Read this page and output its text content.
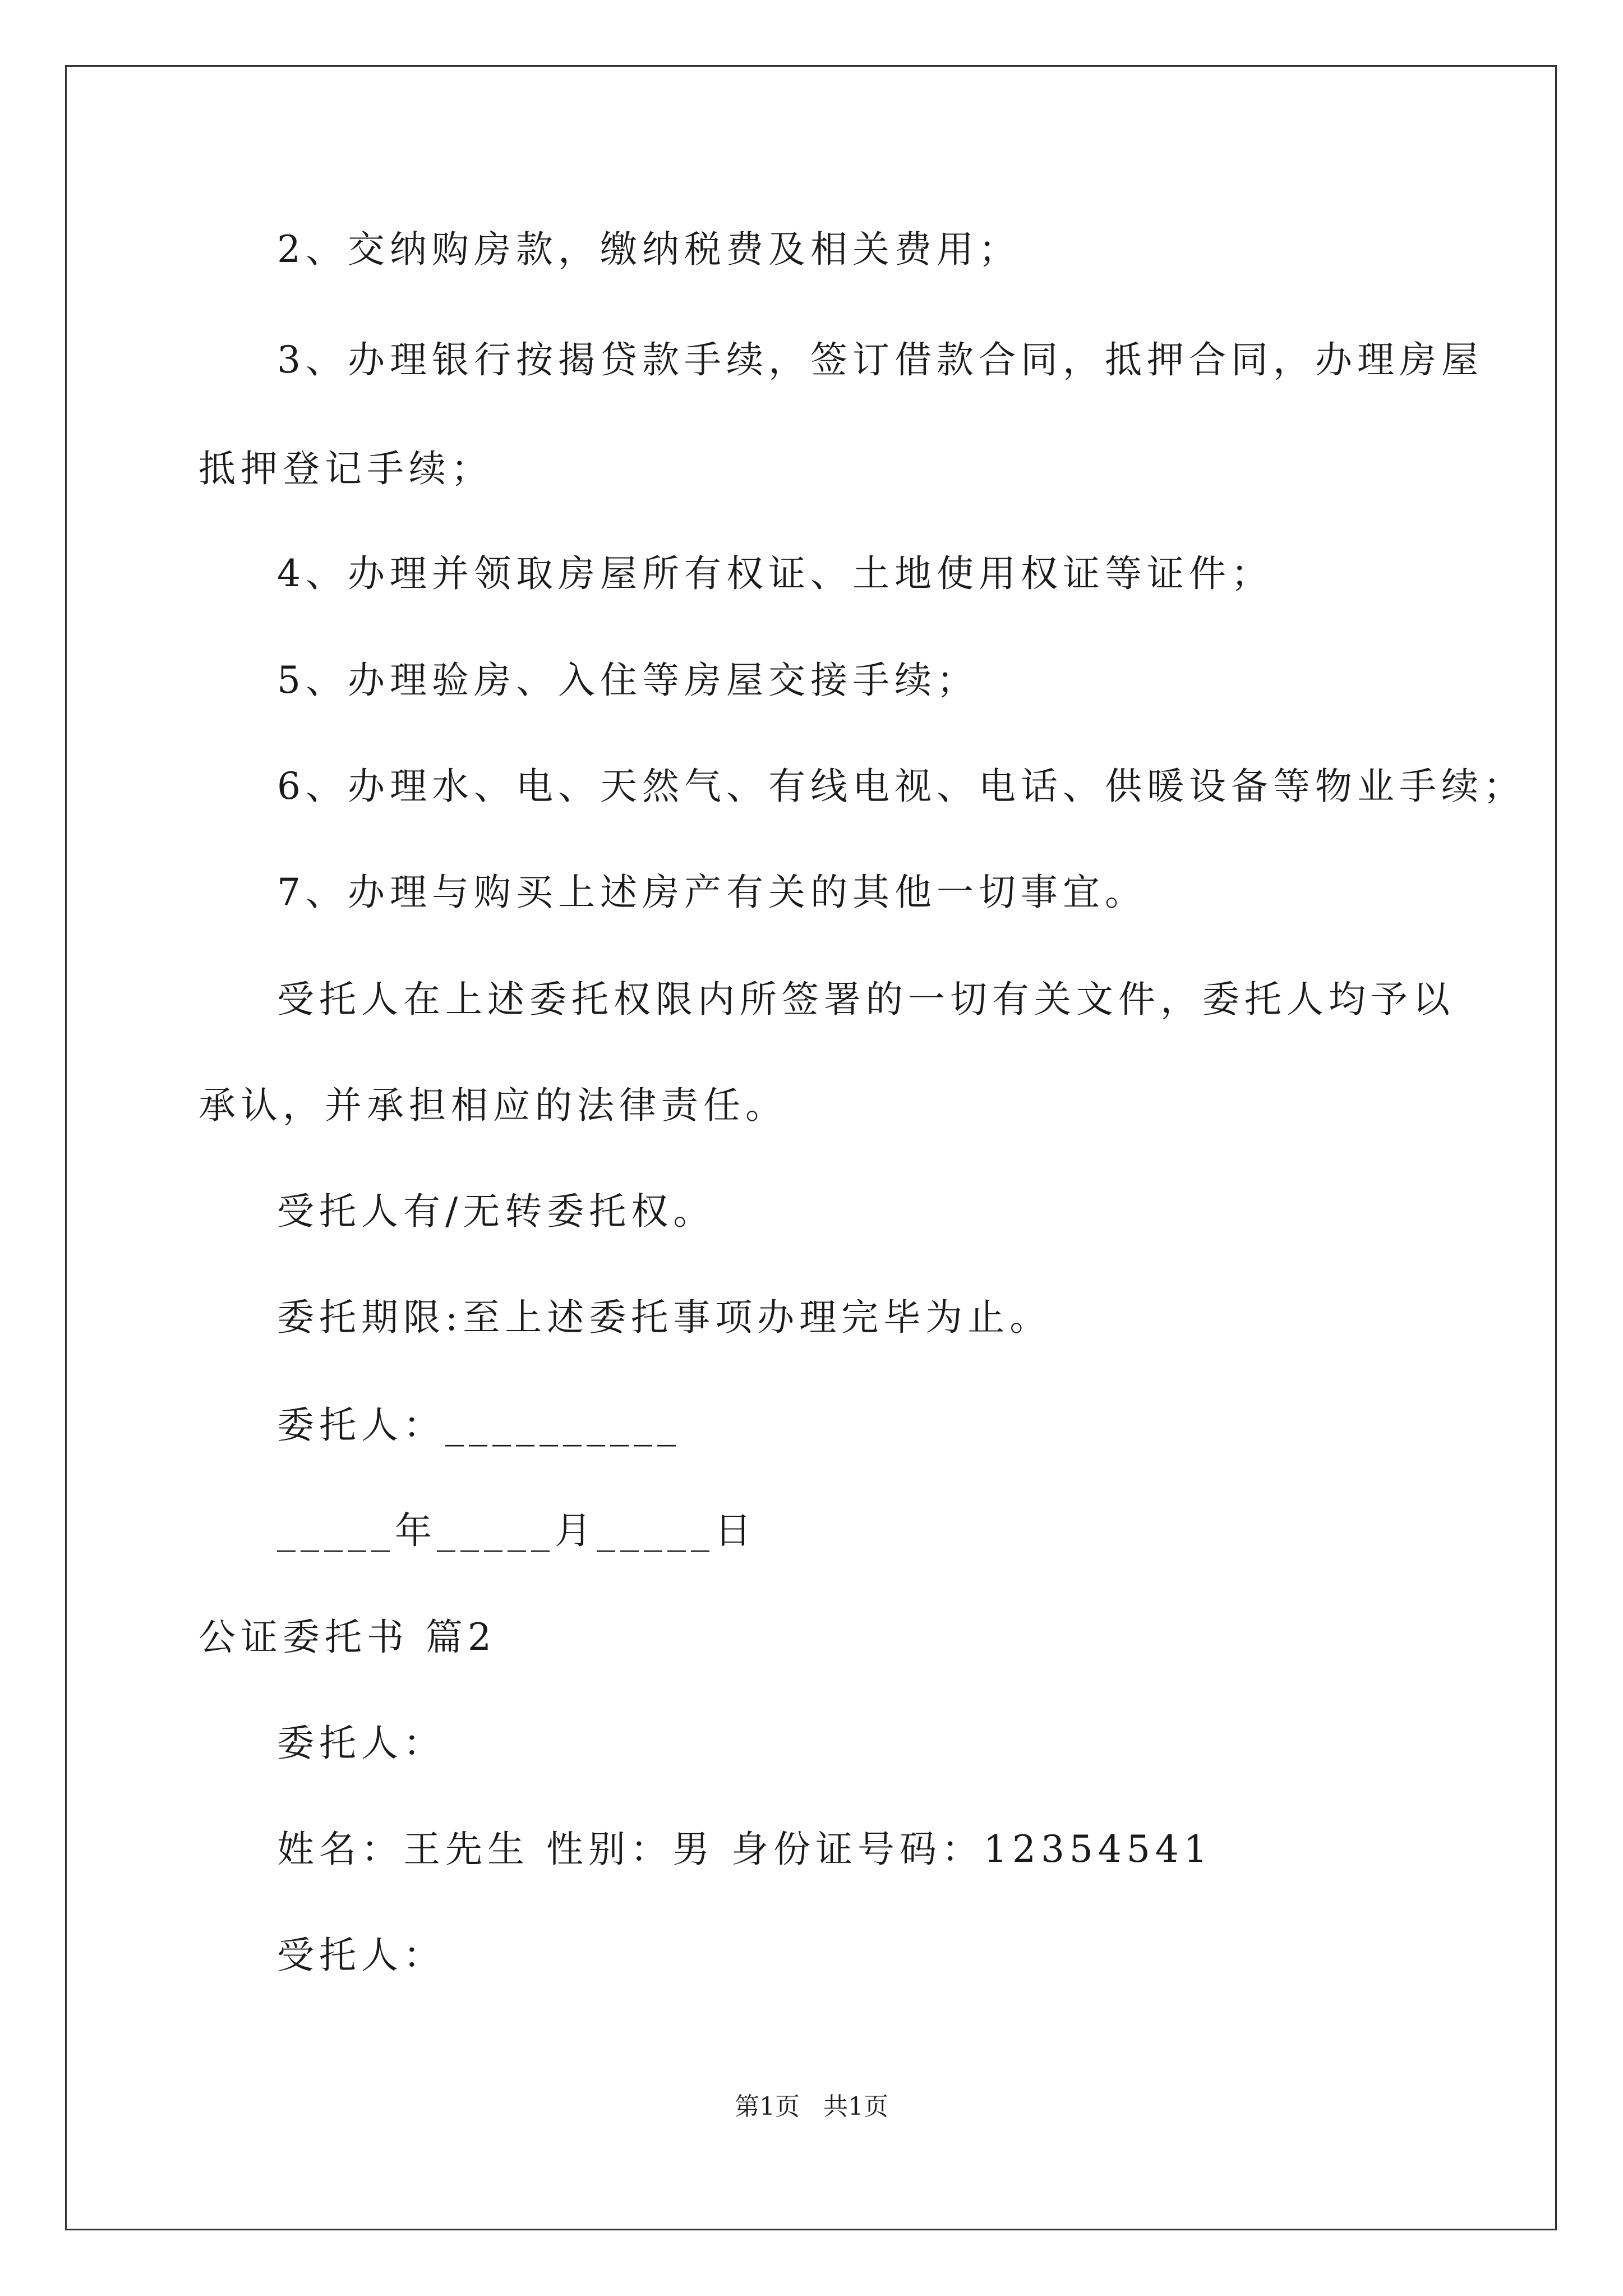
2、交纳购房款，缴纳税费及相关费用；
3、办理银行按揭贷款手续，签订借款合同，抵押合同，办理房屋
抵押登记手续；
4、办理并领取房屋所有权证、土地使用权证等证件；
5、办理验房、入住等房屋交接手续；
6、办理水、电、天然气、有线电视、电话、供暖设备等物业手续；
7、办理与购买上述房产有关的其他一切事宜。
受托人在上述委托权限内所签署的一切有关文件，委托人均予以
承认，并承担相应的法律责任。
受托人有/无转委托权。
委托期限:至上述委托事项办理完毕为止。
委托人：__________
_____年_____月_____日
公证委托书 篇2
委托人：
姓名：王先生 性别：男 身份证号码：12354541
受托人：
第1页   共1页
